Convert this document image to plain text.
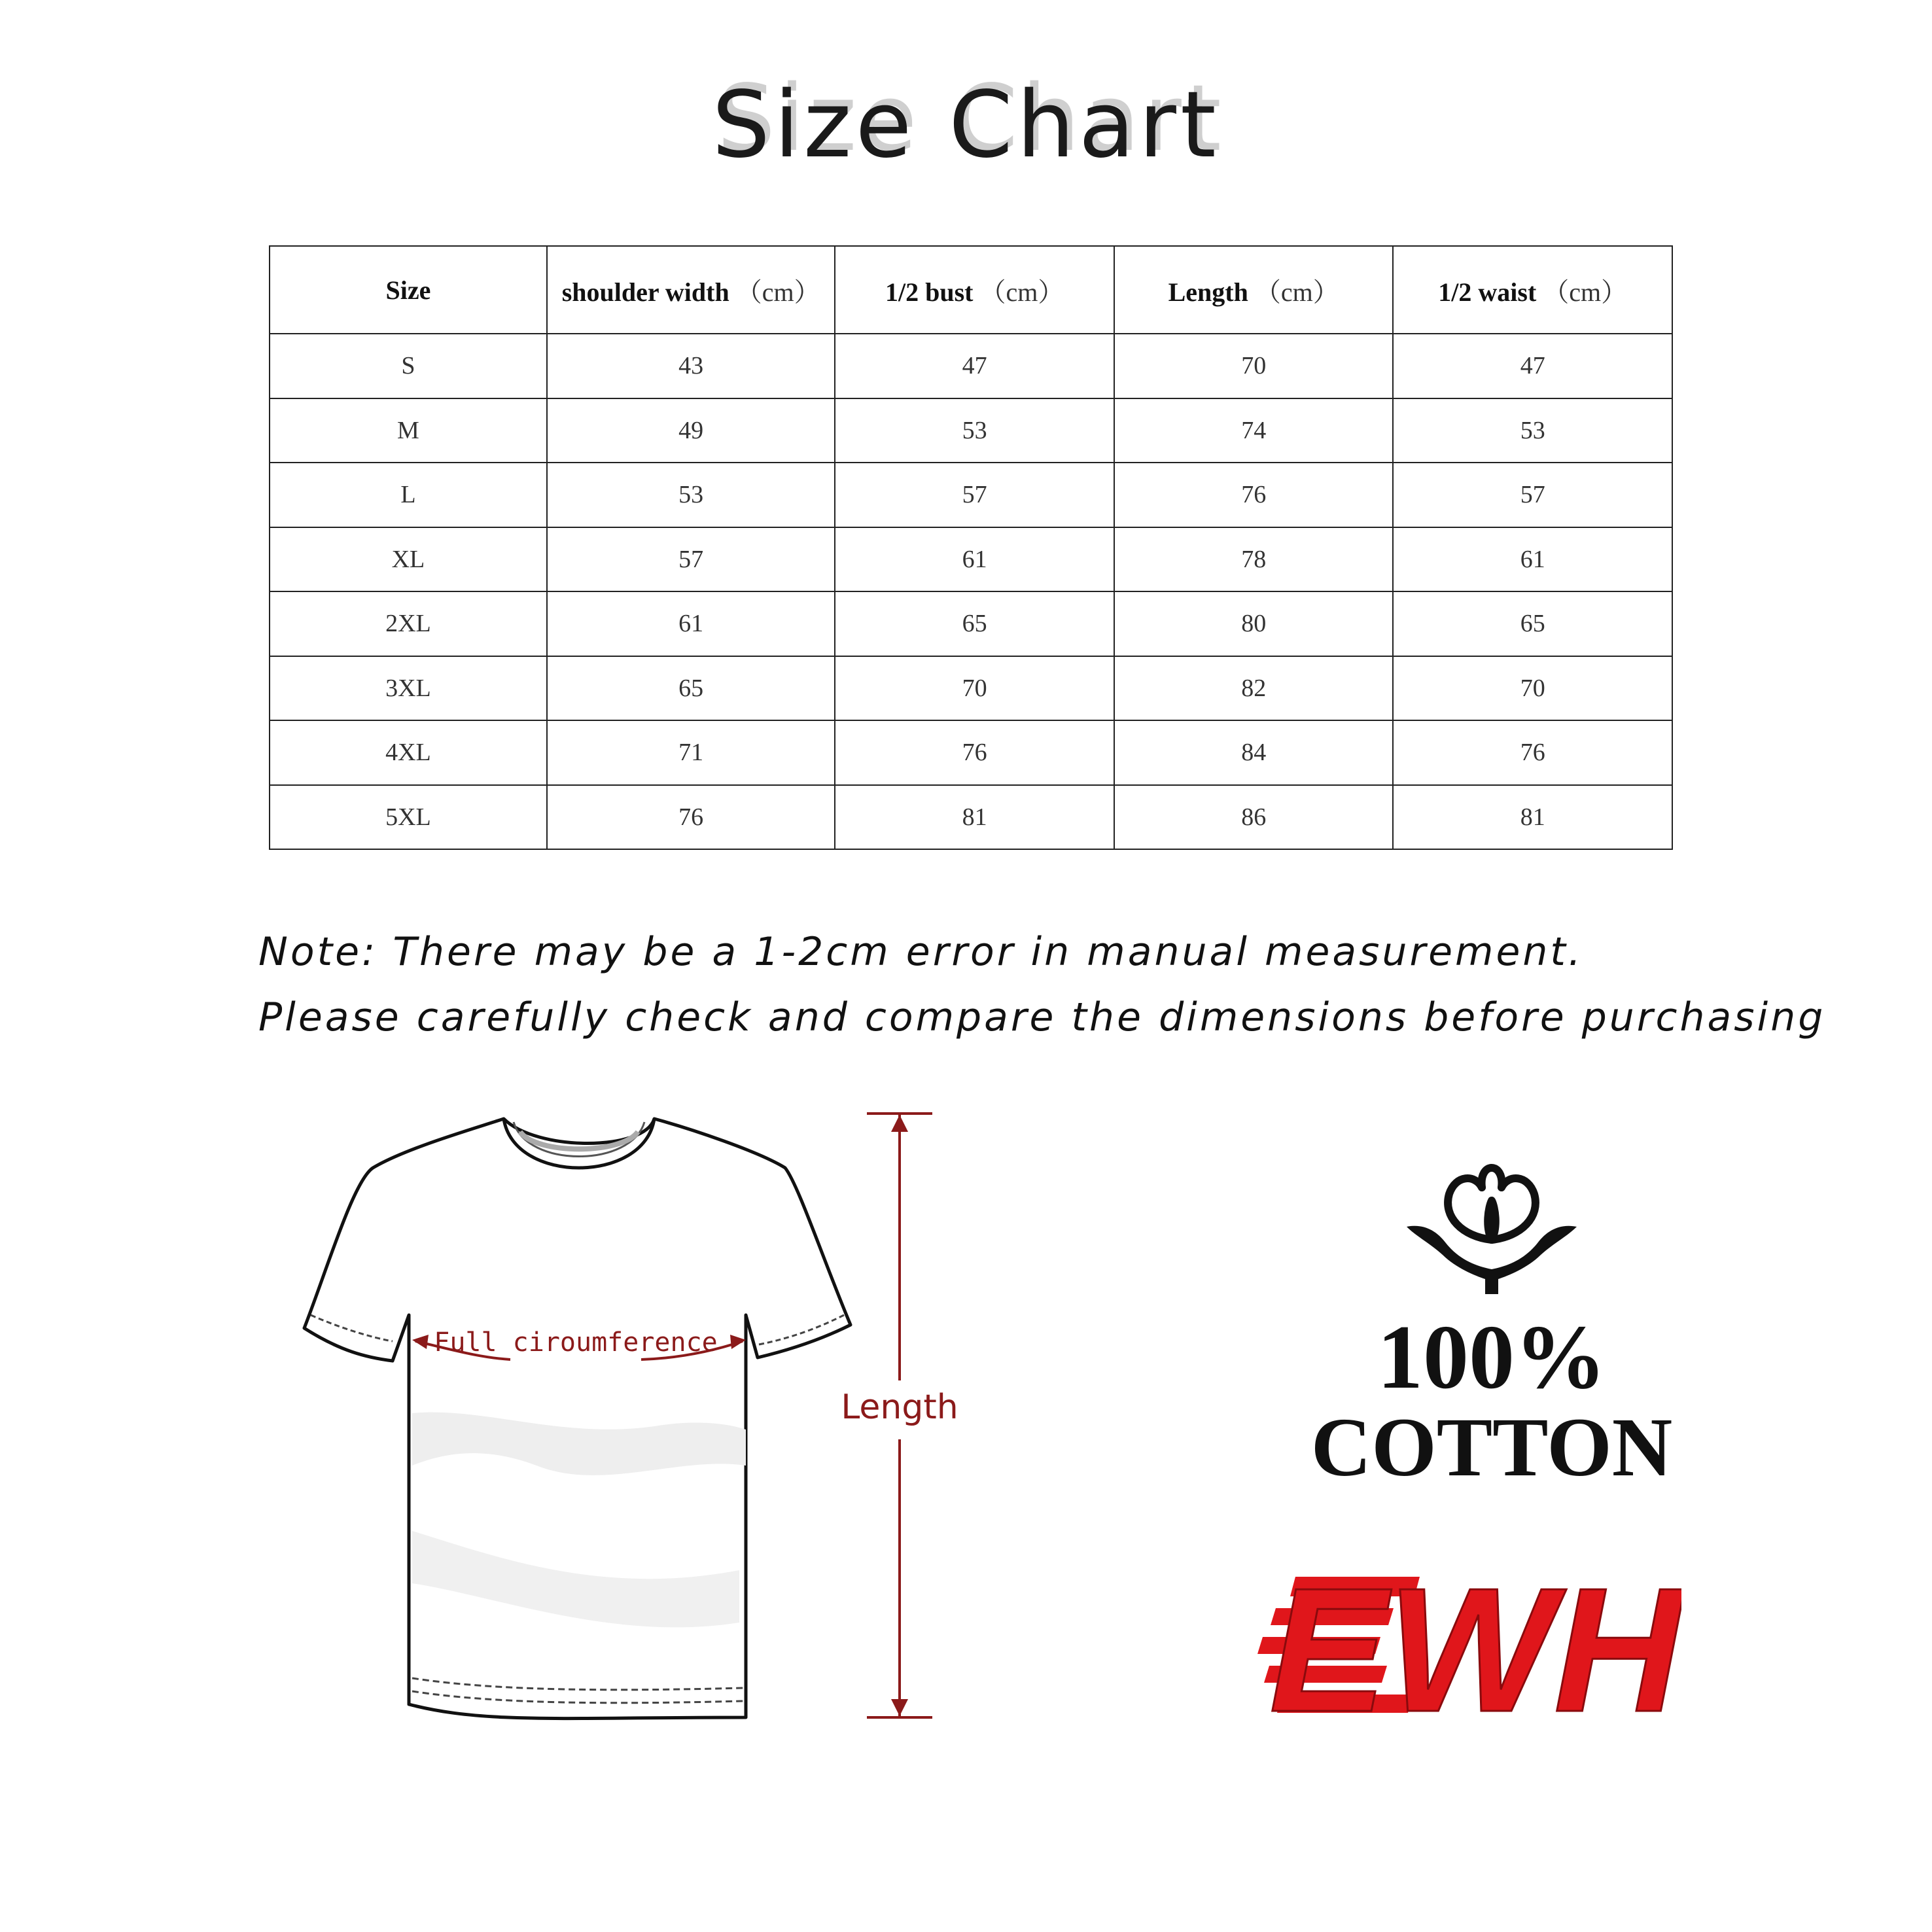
Size Chart
Size	shoulder width （cm）	1/2 bust （cm）	Length （cm）	1/2 waist （cm）
S	43	47	70	47
M	49	53	74	53
L	53	57	76	57
XL	57	61	78	61
2XL	61	65	80	65
3XL	65	70	82	70
4XL	71	76	84	76
5XL	76	81	86	81
Note: There may be a 1-2cm error in manual measurement.
Please carefully check and compare the dimensions before purchasing
Full ciroumference
Length	100%
COTTON
EWH
